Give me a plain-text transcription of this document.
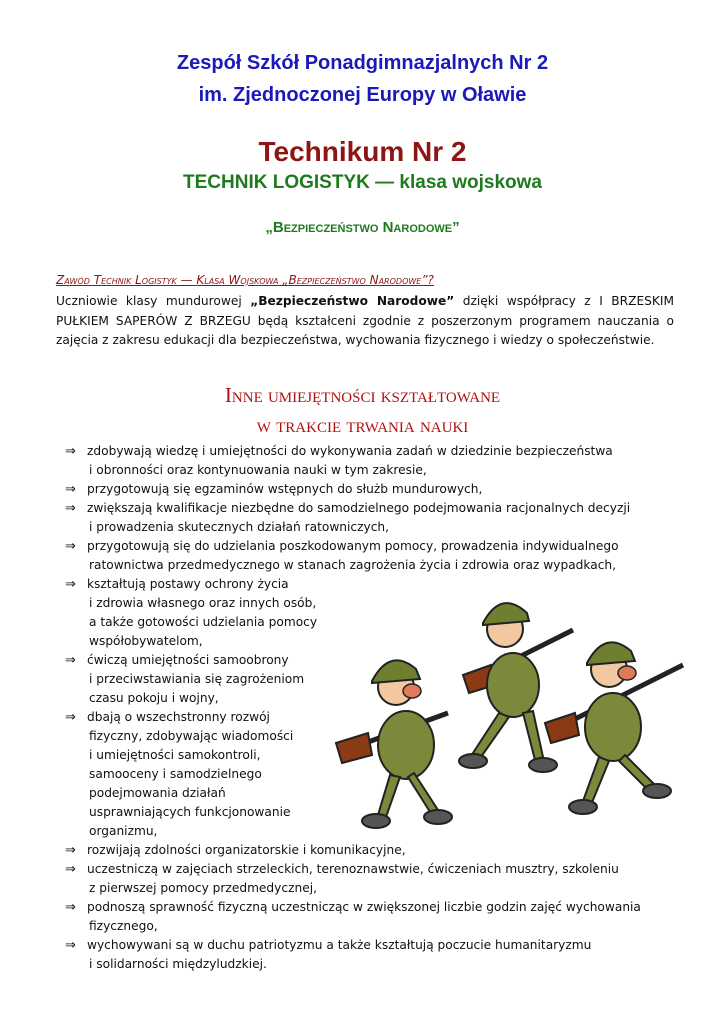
Zespół Szkół Ponadgimnazjalnych Nr 2
im. Zjednoczonej Europy w Oławie
Technikum Nr 2
TECHNIK LOGISTYK — klasa wojskowa
„Bezpieczeństwo Narodowe”
Zawód Technik Logistyk — Klasa Wojskowa „Bezpieczeństwo Narodowe”?
Uczniowie klasy mundurowej „Bezpieczeństwo Narodowe” dzięki współpracy z I BRZESKIM PUŁKIEM SAPERÓW Z BRZEGU będą kształceni zgodnie z poszerzonym programem nauczania o zajęcia z zakresu edukacji dla bezpieczeństwa, wychowania fizycznego i wiedzy o społeczeństwie.
Inne umiejętności kształtowane
w trakcie trwania nauki
⇒ zdobywają wiedzę i umiejętności do wykonywania zadań w dziedzinie bezpieczeństwa
i obronności oraz kontynuowania nauki w tym zakresie,
⇒ przygotowują się egzaminów wstępnych do służb mundurowych,
⇒ zwiększają kwalifikacje niezbędne do samodzielnego podejmowania racjonalnych decyzji
i prowadzenia skutecznych działań ratowniczych,
⇒ przygotowują się do udzielania poszkodowanym pomocy, prowadzenia indywidualnego
ratownictwa przedmedycznego w stanach zagrożenia życia i zdrowia oraz wypadkach,
⇒ kształtują postawy ochrony życia
i zdrowia własnego oraz innych osób,
a także gotowości udzielania pomocy
współobywatelom,
⇒ ćwiczą umiejętności samoobrony
i przeciwstawiania się zagrożeniom
czasu pokoju i wojny,
⇒ dbają o wszechstronny rozwój
fizyczny, zdobywając wiadomości
i umiejętności samokontroli,
samooceny i samodzielnego
podejmowania działań
usprawniających funkcjonowanie
organizmu,
⇒ rozwijają zdolności organizatorskie i komunikacyjne,
⇒ uczestniczą w zajęciach strzeleckich, terenoznawstwie, ćwiczeniach musztry, szkoleniu
z pierwszej pomocy przedmedycznej,
⇒ podnoszą sprawność fizyczną uczestnicząc w zwiększonej liczbie godzin zajęć wychowania
fizycznego,
⇒ wychowywani są w duchu patriotyzmu a także kształtują poczucie humanitaryzmu
i solidarności międzyludzkiej.
